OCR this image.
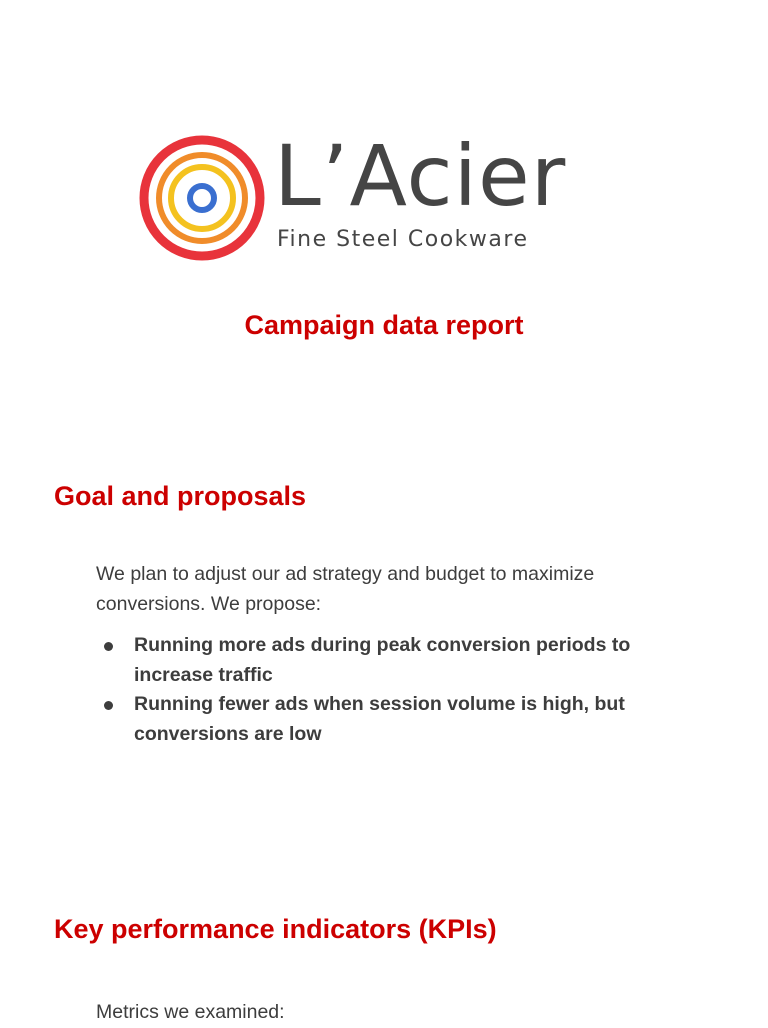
L’Acier
Fine Steel Cookware
Campaign data report
Goal and proposals

We plan to adjust our ad strategy and budget to maximize conversions. We propose:

Running more ads during peak conversion periods to increase traffic
Running fewer ads when session volume is high, but conversions are low
Key performance indicators (KPIs)

Metrics we examined:
